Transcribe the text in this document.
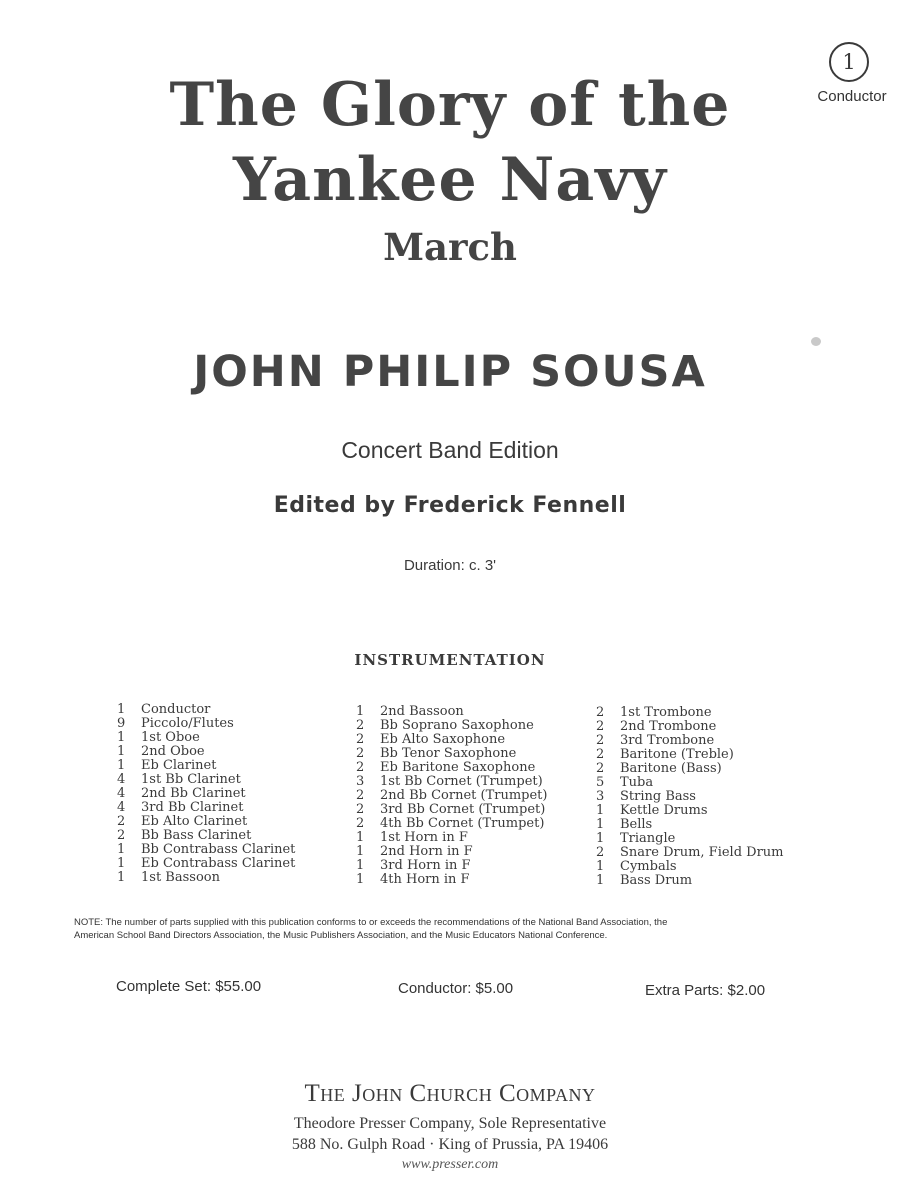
1
Conductor
The Glory of the
Yankee Navy
March
JOHN PHILIP SOUSA
Concert Band Edition
Edited by Frederick Fennell
Duration: c. 3'
INSTRUMENTATION
1	Conductor
9	Piccolo/Flutes
1	1st Oboe
1	2nd Oboe
1	Eb Clarinet
4	1st Bb Clarinet
4	2nd Bb Clarinet
4	3rd Bb Clarinet
2	Eb Alto Clarinet
2	Bb Bass Clarinet
1	Bb Contrabass Clarinet
1	Eb Contrabass Clarinet
1	1st Bassoon
1	2nd Bassoon
2	Bb Soprano Saxophone
2	Eb Alto Saxophone
2	Bb Tenor Saxophone
2	Eb Baritone Saxophone
3	1st Bb Cornet (Trumpet)
2	2nd Bb Cornet (Trumpet)
2	3rd Bb Cornet (Trumpet)
2	4th Bb Cornet (Trumpet)
1	1st Horn in F
1	2nd Horn in F
1	3rd Horn in F
1	4th Horn in F
2	1st Trombone
2	2nd Trombone
2	3rd Trombone
2	Baritone (Treble)
2	Baritone (Bass)
5	Tuba
3	String Bass
1	Kettle Drums
1	Bells
1	Triangle
2	Snare Drum, Field Drum
1	Cymbals
1	Bass Drum
NOTE: The number of parts supplied with this publication conforms to or exceeds the recommendations of the National Band Association, the
American School Band Directors Association, the Music Publishers Association, and the Music Educators National Conference.
Complete Set: $55.00	Conductor: $5.00	Extra Parts: $2.00
The John Church Company
Theodore Presser Company, Sole Representative
588 No. Gulph Road · King of Prussia, PA 19406
www.presser.com
